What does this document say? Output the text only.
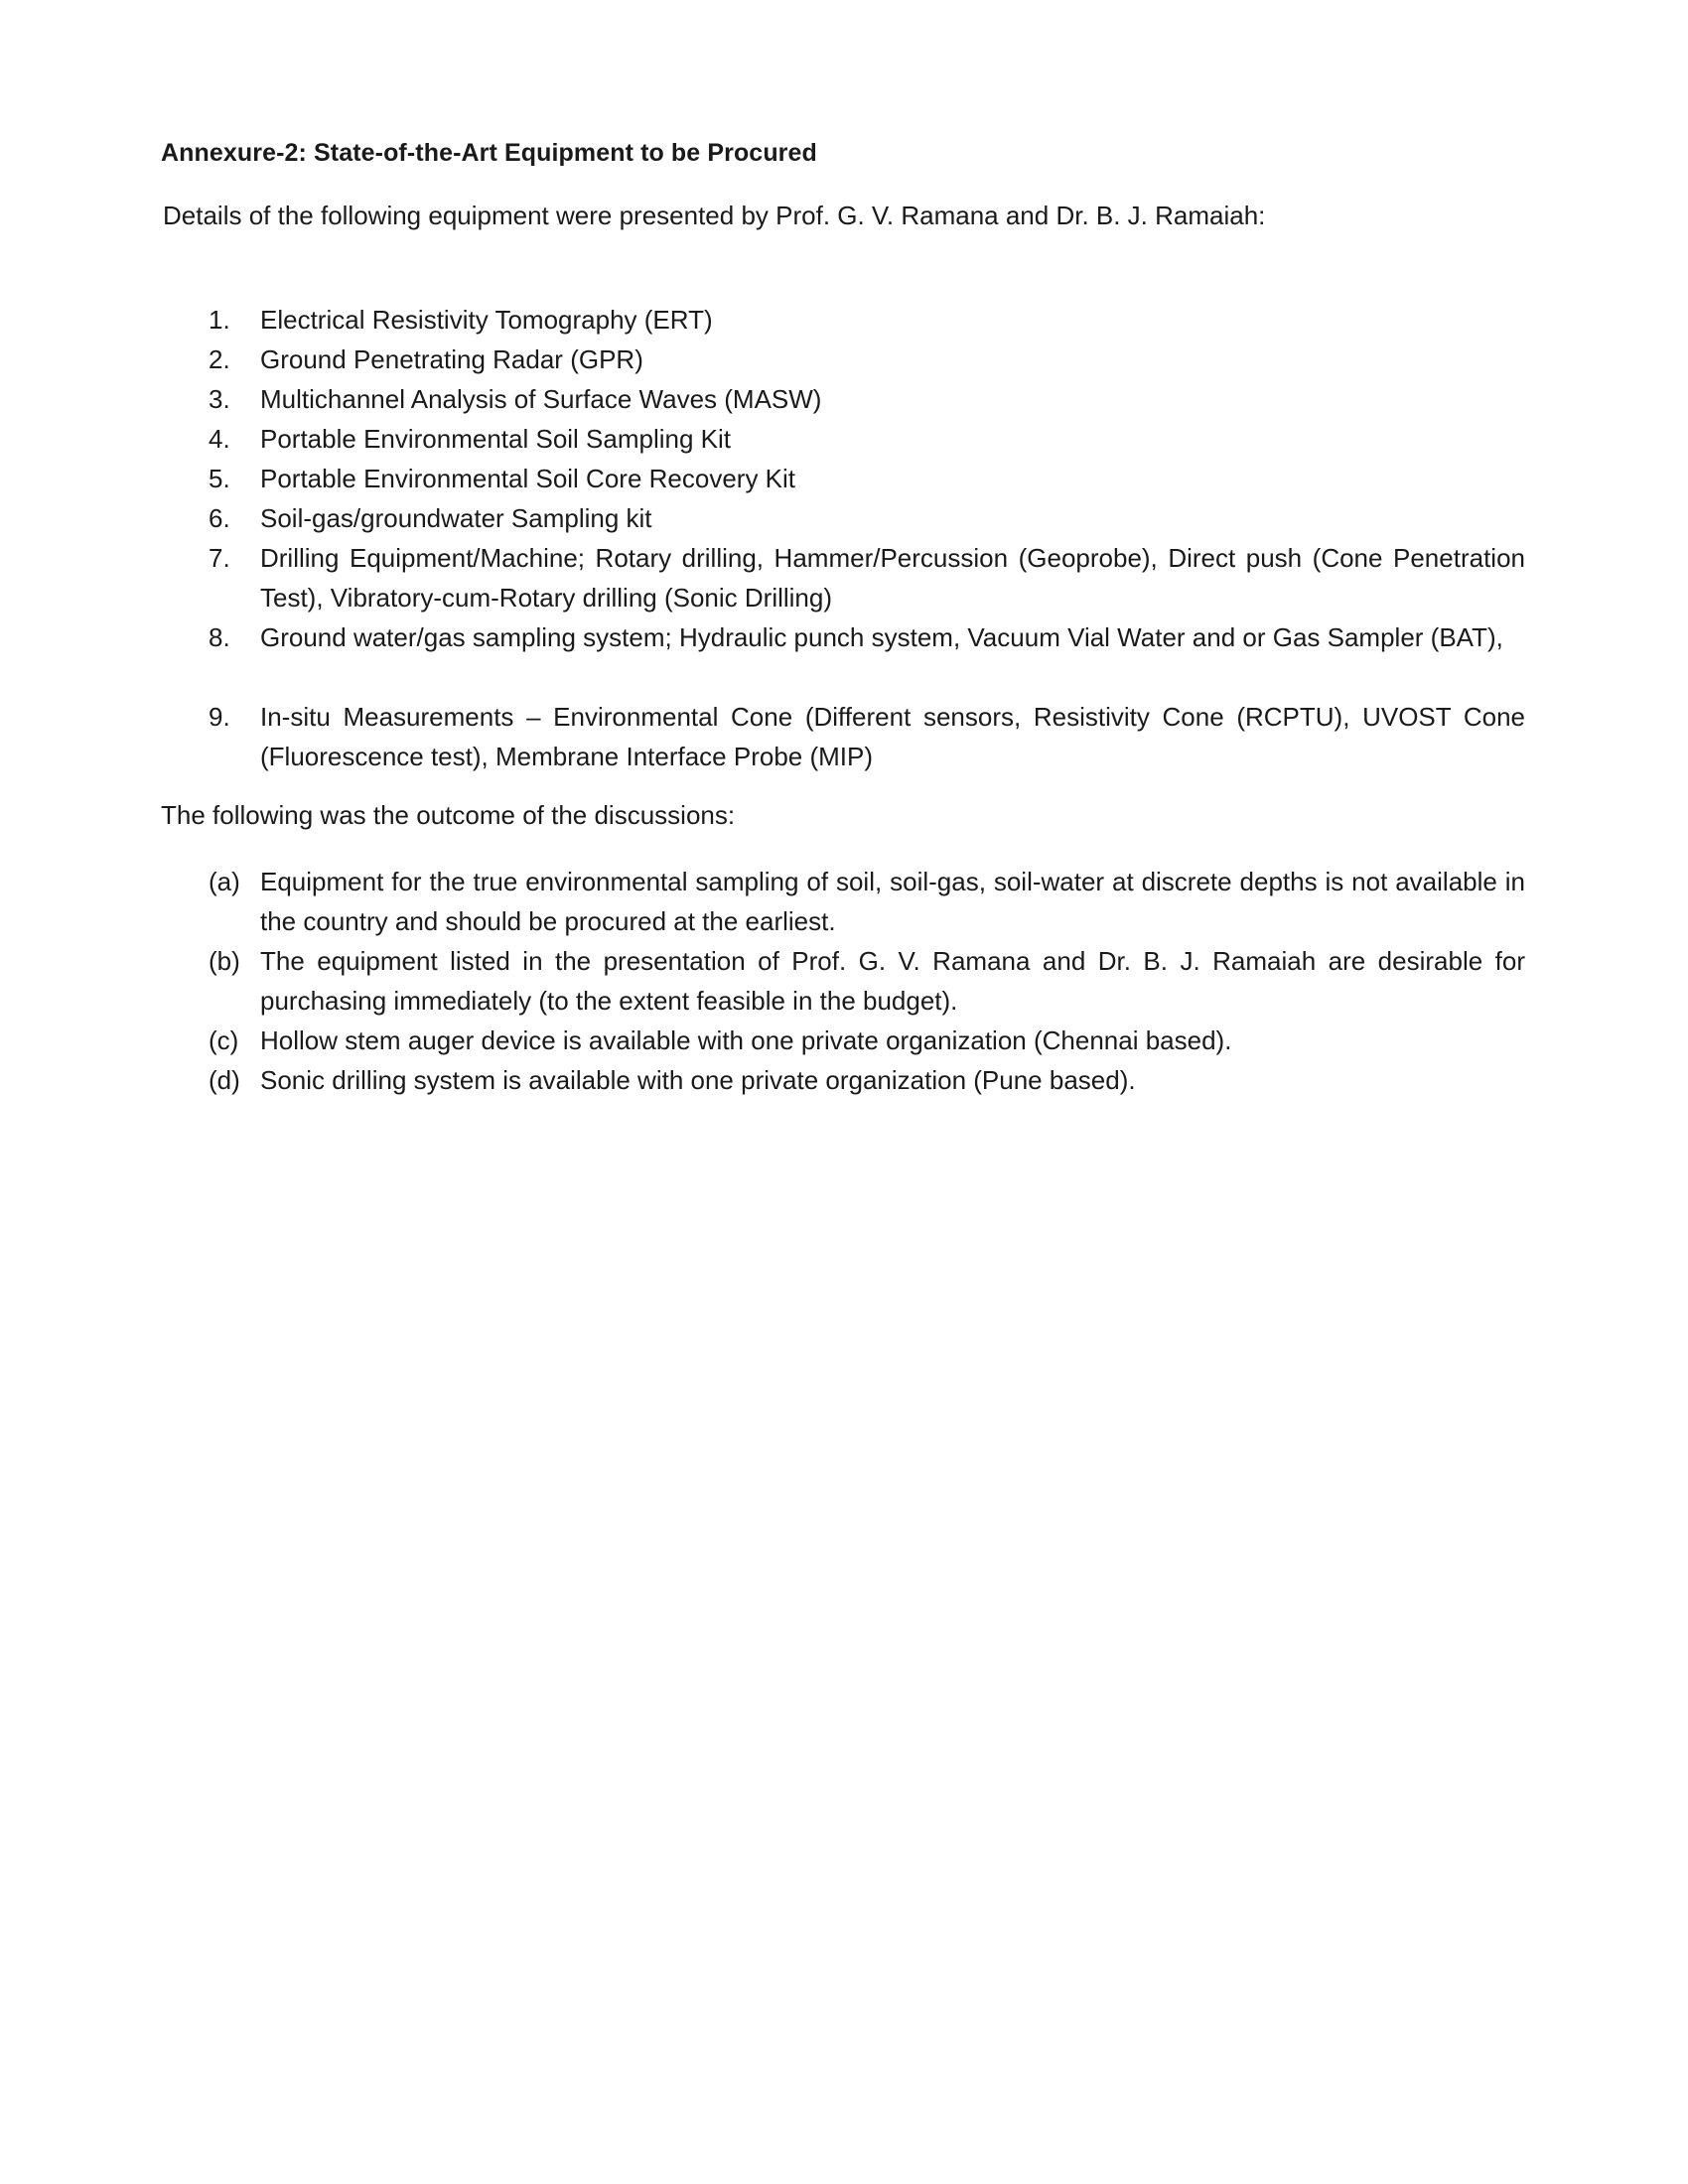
Annexure-2: State-of-the-Art Equipment to be Procured
Details of the following equipment were presented by Prof. G. V. Ramana and Dr. B. J. Ramaiah:
1. Electrical Resistivity Tomography (ERT)
2. Ground Penetrating Radar (GPR)
3. Multichannel Analysis of Surface Waves (MASW)
4. Portable Environmental Soil Sampling Kit
5. Portable Environmental Soil Core Recovery Kit
6. Soil-gas/groundwater Sampling kit
7. Drilling Equipment/Machine; Rotary drilling, Hammer/Percussion (Geoprobe), Direct push (Cone Penetration Test), Vibratory-cum-Rotary drilling (Sonic Drilling)
8. Ground water/gas sampling system; Hydraulic punch system, Vacuum Vial Water and or Gas Sampler (BAT),
9. In-situ Measurements – Environmental Cone (Different sensors, Resistivity Cone (RCPTU), UVOST Cone (Fluorescence test), Membrane Interface Probe (MIP)
The following was the outcome of the discussions:
(a) Equipment for the true environmental sampling of soil, soil-gas, soil-water at discrete depths is not available in the country and should be procured at the earliest.
(b) The equipment listed in the presentation of Prof. G. V. Ramana and Dr. B. J. Ramaiah are desirable for purchasing immediately (to the extent feasible in the budget).
(c) Hollow stem auger device is available with one private organization (Chennai based).
(d) Sonic drilling system is available with one private organization (Pune based).
